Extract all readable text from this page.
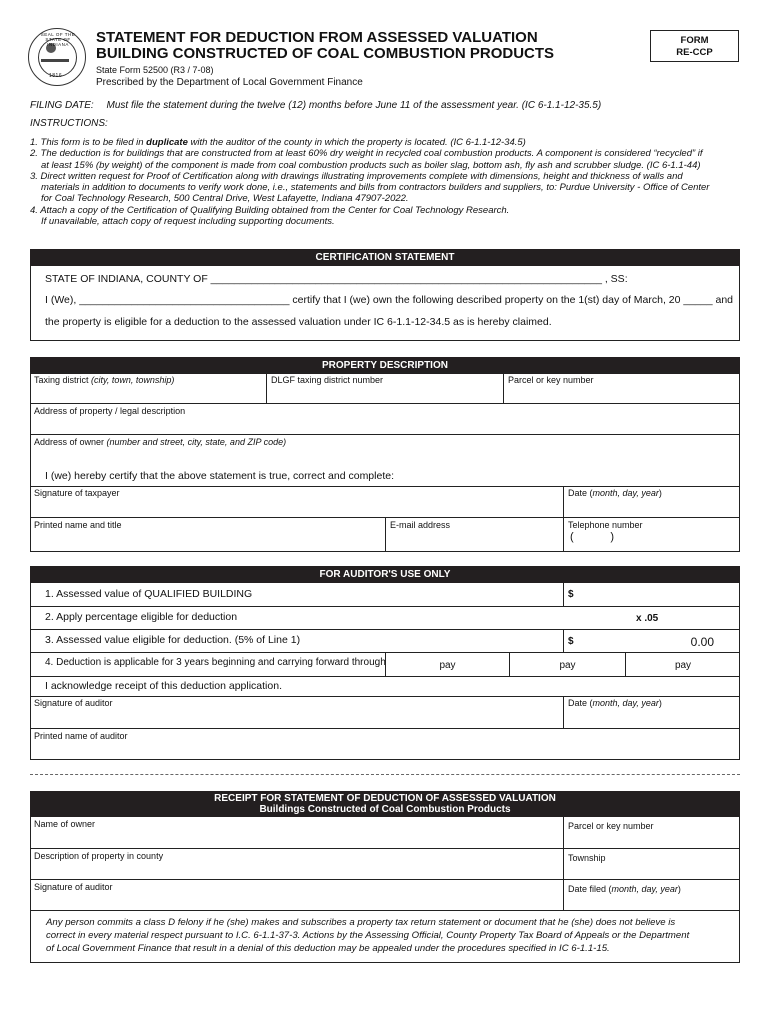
SEAL OF THE STATE OF INDIANA
1816
STATEMENT FOR DEDUCTION FROM ASSESSED VALUATION
BUILDING CONSTRUCTED OF COAL COMBUSTION PRODUCTS
State Form 52500 (R3 / 7-08)
Prescribed by the Department of Local Government Finance
FORM
RE-CCP
FILING DATE: Must file the statement during the twelve (12) months before June 11 of the assessment year. (IC 6-1.1-12-35.5)
INSTRUCTIONS:
1. This form is to be filed in duplicate with the auditor of the county in which the property is located. (IC 6-1.1-12-34.5)
2. The deduction is for buildings that are constructed from at least 60% dry weight in recycled coal combustion products. A component is considered “recycled” if
at least 15% (by weight) of the component is made from coal combustion products such as boiler slag, bottom ash, fly ash and scrubber sludge. (IC 6-1.1-44)
3. Direct written request for Proof of Certification along with drawings illustrating improvements complete with dimensions, height and thickness of walls and
materials in addition to documents to verify work done, i.e., statements and bills from contractors builders and suppliers, to: Purdue University - Office of Center
for Coal Technology Research, 500 Central Drive, West Lafayette, Indiana 47907-2022.
4. Attach a copy of the Certification of Qualifying Building obtained from the Center for Coal Technology Research.
If unavailable, attach copy of request including supporting documents.
CERTIFICATION STATEMENT
STATE OF INDIANA, COUNTY OF ___________________________________________________________________ , SS:
I (We), ____________________________________ certify that I (we) own the following described property on the 1(st) day of March, 20 _____ and
the property is eligible for a deduction to the assessed valuation under IC 6-1.1-12-34.5 as is hereby claimed.
PROPERTY DESCRIPTION
Taxing district (city, town, township)	DLGF taxing district number	Parcel or key number
Address of property / legal description
Address of owner (number and street, city, state, and ZIP code)
I (we) hereby certify that the above statement is true, correct and complete:
Signature of taxpayer	Date (month, day, year)
Printed name and title	E-mail address	Telephone number
(            )
FOR AUDITOR'S USE ONLY
1. Assessed value of QUALIFIED BUILDING	$
2. Apply percentage eligible for deduction	x .05
3. Assessed value eligible for deduction. (5% of Line 1)	$	0.00
4. Deduction is applicable for 3 years beginning and carrying forward through	pay	pay	pay
I acknowledge receipt of this deduction application.
Signature of auditor	Date (month, day, year)
Printed name of auditor
RECEIPT FOR STATEMENT OF DEDUCTION OF ASSESSED VALUATION
Buildings Constructed of Coal Combustion Products
Name of owner	Parcel or key number
Description of property in county	Township
Signature of auditor	Date filed (month, day, year)
Any person commits a class D felony if he (she) makes and subscribes a property tax return statement or document that he (she) does not believe is
correct in every material respect pursuant to I.C. 6-1.1-37-3. Actions by the Assessing Official, County Property Tax Board of Appeals or the Department
of Local Government Finance that result in a denial of this deduction may be appealed under the procedures specified in IC 6-1.1-15.
